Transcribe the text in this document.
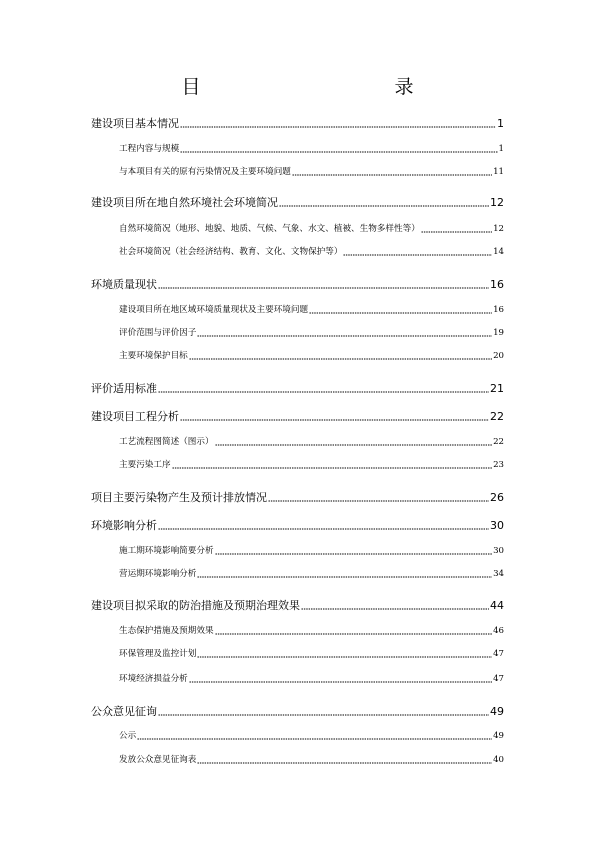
目　　录
建设项目基本情况	1
工程内容与规模	1
与本项目有关的原有污染情况及主要环境问题	11
建设项目所在地自然环境社会环境简况	12
自然环境简况（地形、地貌、地质、气候、气象、水文、植被、生物多样性等）	12
社会环境简况（社会经济结构、教育、文化、文物保护等）	14
环境质量现状	16
建设项目所在地区域环境质量现状及主要环境问题	16
评价范围与评价因子	19
主要环境保护目标	20
评价适用标准	21
建设项目工程分析	22
工艺流程图简述（图示）	22
主要污染工序	23
项目主要污染物产生及预计排放情况	26
环境影响分析	30
施工期环境影响简要分析	30
营运期环境影响分析	34
建设项目拟采取的防治措施及预期治理效果	44
生态保护措施及预期效果	46
环保管理及监控计划	47
环境经济损益分析	47
公众意见征询	49
公示	49
发放公众意见征询表	40
